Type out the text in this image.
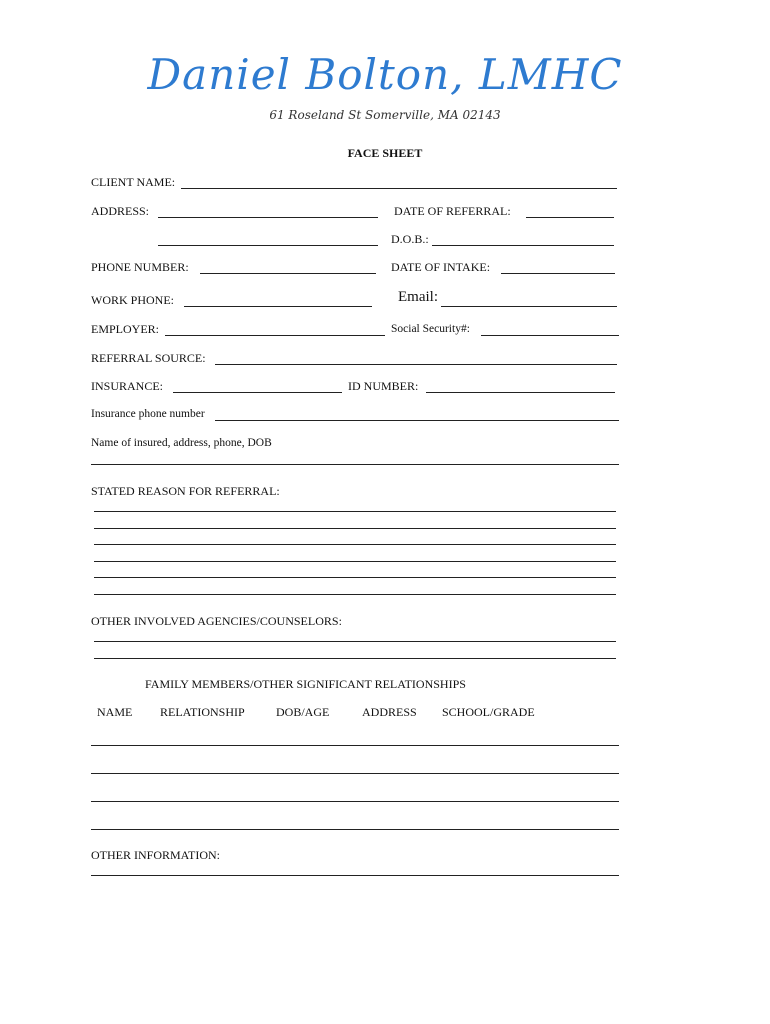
Daniel Bolton, LMHC
61 Roseland St Somerville, MA 02143
FACE SHEET
CLIENT NAME:
ADDRESS:	DATE OF REFERRAL:
D.O.B.:
PHONE NUMBER:	DATE OF INTAKE:
WORK PHONE:	Email:
EMPLOYER:	Social Security#:
REFERRAL SOURCE:
INSURANCE:	ID NUMBER:
Insurance phone number
Name of insured, address, phone, DOB
STATED REASON FOR REFERRAL:
OTHER INVOLVED AGENCIES/COUNSELORS:
FAMILY MEMBERS/OTHER SIGNIFICANT RELATIONSHIPS
NAME RELATIONSHIP	DOB/AGE	ADDRESS SCHOOL/GRADE
OTHER INFORMATION:
